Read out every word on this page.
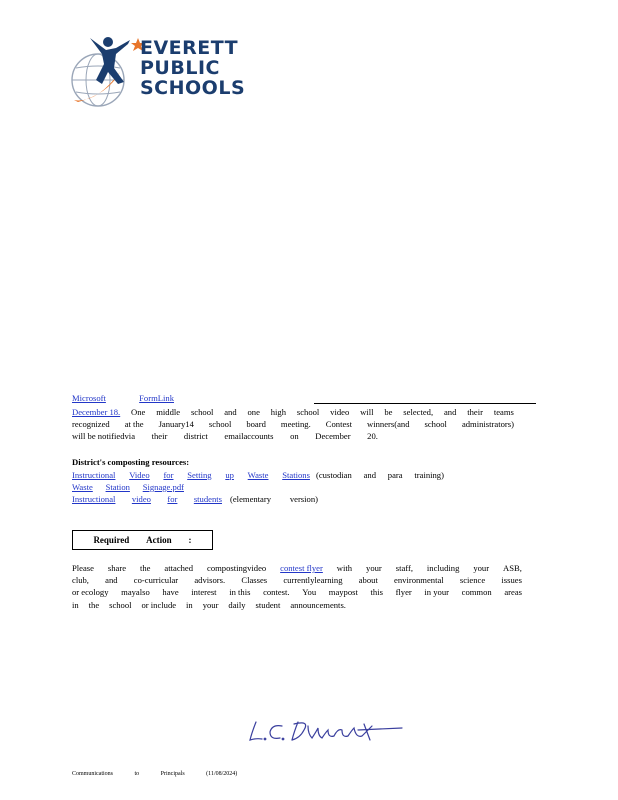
EVERETT
PUBLIC
SCHOOLS
Microsoft	FormLink
December 18. One middle school and one high school video will be selected, and their teams
recognized at the January14 school board meeting. Contest winners(and school administrators)
will be notifiedvia their district emailaccounts on December 20.
District's composting resources:
Instructional Video for Setting up Waste Stations (custodian and para training)
Waste Station Signage.pdf
Instructional video for students (elementary version)
Required Action :
Please share the attached compostingvideo contest flyer with your staff, including your ASB,
club, and co-curricular advisors. Classes currentlylearning about environmental science issues
or ecology mayalso have interest in this contest. You maypost this flyer in your common areas
in the school or include in your daily student announcements.
Communications	to	Principals	(11/08/2024)
